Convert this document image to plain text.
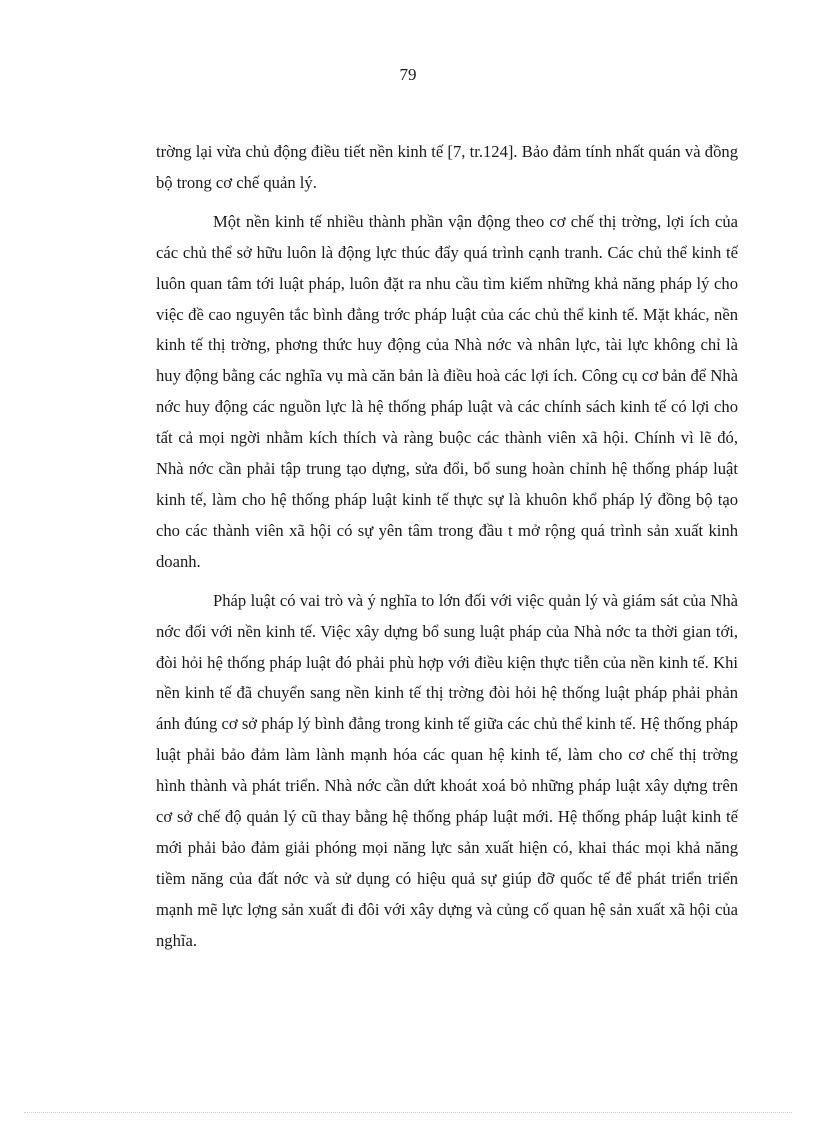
79

trờng lại vừa chủ động điều tiết nền kinh tế [7, tr.124]. Bảo đảm tính nhất quán và đồng bộ trong cơ chế quản lý.

Một nền kinh tế nhiều thành phần vận động theo cơ chế thị trờng, lợi ích của các chủ thể sở hữu luôn là động lực thúc đẩy quá trình cạnh tranh. Các chủ thể kinh tế luôn quan tâm tới luật pháp, luôn đặt ra nhu cầu tìm kiếm những khả năng pháp lý cho việc đề cao nguyên tắc bình đẳng trớc pháp luật của các chủ thể kinh tế. Mặt khác, nền kinh tế thị trờng, phơng thức huy động của Nhà nớc và nhân lực, tài lực không chỉ là huy động bằng các nghĩa vụ mà căn bản là điều hoà các lợi ích. Công cụ cơ bản để Nhà nớc huy động các nguồn lực là hệ thống pháp luật và các chính sách kinh tế có lợi cho tất cả mọi ngời nhằm kích thích và ràng buộc các thành viên xã hội. Chính vì lẽ đó, Nhà nớc cần phải tập trung tạo dựng, sửa đổi, bổ sung hoàn chỉnh hệ thống pháp luật kinh tế, làm cho hệ thống pháp luật kinh tế thực sự là khuôn khổ pháp lý đồng bộ tạo cho các thành viên xã hội có sự yên tâm trong đầu t mở rộng quá trình sản xuất kinh doanh.

Pháp luật có vai trò và ý nghĩa to lớn đối với việc quản lý và giám sát của Nhà nớc đối với nền kinh tế. Việc xây dựng bổ sung luật pháp của Nhà nớc ta thời gian tới, đòi hỏi hệ thống pháp luật đó phải phù hợp với điều kiện thực tiễn của nền kinh tế. Khi nền kinh tế đã chuyển sang nền kinh tế thị trờng đòi hỏi hệ thống luật pháp phải phản ánh đúng cơ sở pháp lý bình đẳng trong kinh tế giữa các chủ thể kinh tế. Hệ thống pháp luật phải bảo đảm làm lành mạnh hóa các quan hệ kinh tế, làm cho cơ chế thị trờng hình thành và phát triển. Nhà nớc cần dứt khoát xoá bỏ những pháp luật xây dựng trên cơ sở chế độ quản lý cũ thay bằng hệ thống pháp luật mới. Hệ thống pháp luật kinh tế mới phải bảo đảm giải phóng mọi năng lực sản xuất hiện có, khai thác mọi khả năng tiềm năng của đất nớc và sử dụng có hiệu quả sự giúp đỡ quốc tế để phát triển triển mạnh mẽ lực lợng sản xuất đi đôi với xây dựng và củng cố quan hệ sản xuất xã hội của nghĩa.
